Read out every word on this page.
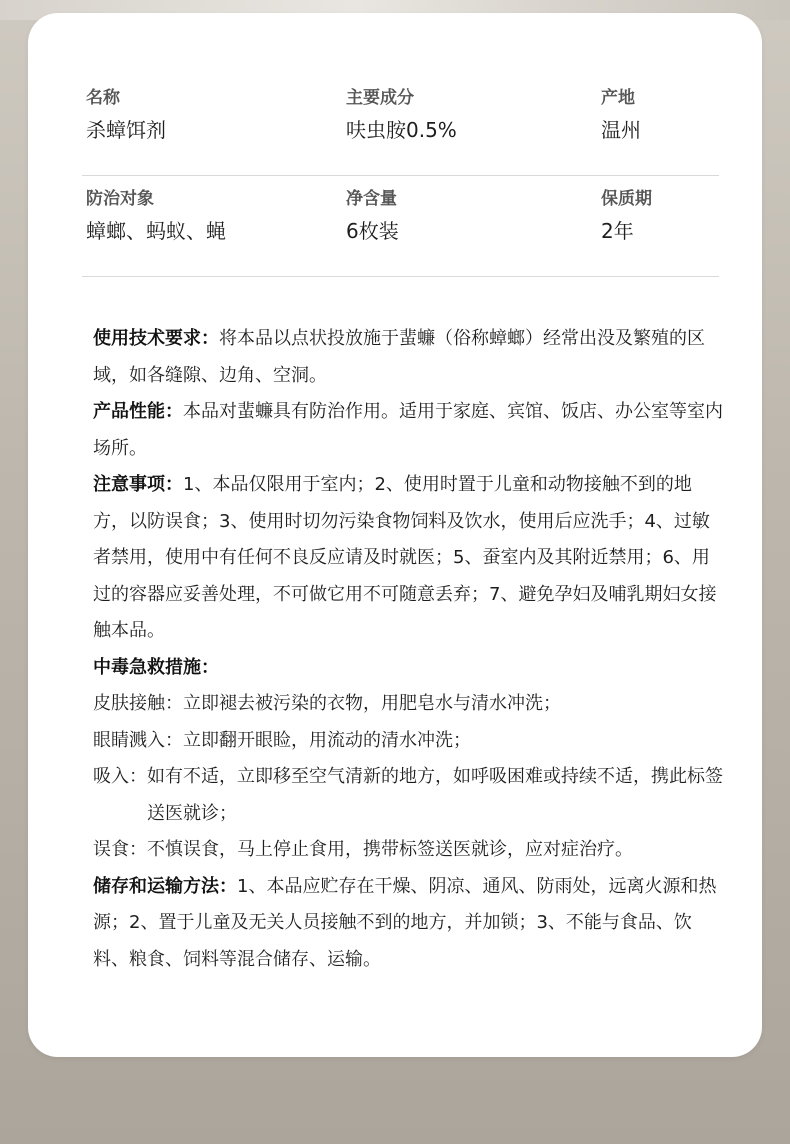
名称
杀蟑饵剂
主要成分
呋虫胺0.5%
产地
温州
防治对象
蟑螂、蚂蚁、蝇
净含量
6枚装
保质期
2年

使用技术要求：将本品以点状投放施于蜚蠊（俗称蟑螂）经常出没及繁殖的区域，如各缝隙、边角、空洞。

产品性能：本品对蜚蠊具有防治作用。适用于家庭、宾馆、饭店、办公室等室内场所。

注意事项：1、本品仅限用于室内；2、使用时置于儿童和动物接触不到的地方，以防误食；3、使用时切勿污染食物饲料及饮水，使用后应洗手；4、过敏者禁用，使用中有任何不良反应请及时就医；5、蚕室内及其附近禁用；6、用过的容器应妥善处理，不可做它用不可随意丢弃；7、避免孕妇及哺乳期妇女接触本品。

中毒急救措施：

皮肤接触：立即褪去被污染的衣物，用肥皂水与清水冲洗；

眼睛溅入：立即翻开眼睑，用流动的清水冲洗；

吸入： 如有不适，立即移至空气清新的地方，如呼吸困难或持续不适，携此标签送医就诊；

误食：不慎误食，马上停止食用，携带标签送医就诊，应对症治疗。

储存和运输方法：1、本品应贮存在干燥、阴凉、通风、防雨处，远离火源和热源；2、置于儿童及无关人员接触不到的地方，并加锁；3、不能与食品、饮料、粮食、饲料等混合储存、运输。
